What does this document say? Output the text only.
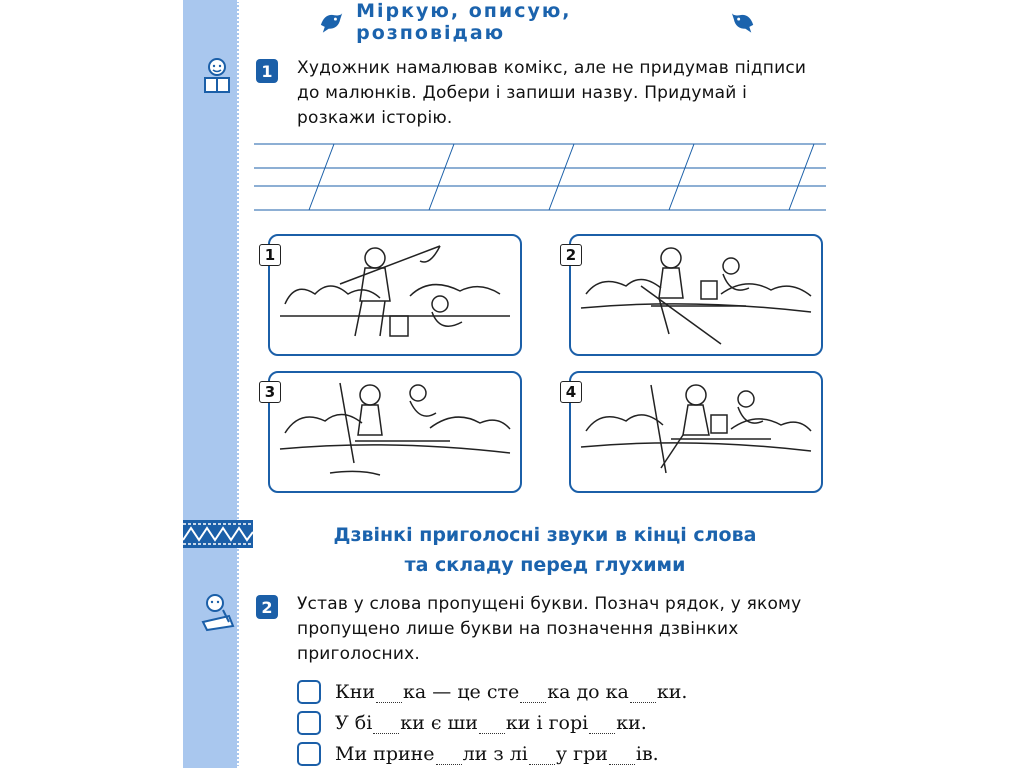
Міркую, описую, розповідаю
1	Художник намалював комікс, але не придумав підписи до малюнків. Добери і запиши назву. Придумай і розкажи історію.
1	2
3	4
Дзвінкі приголосні звуки в кінці слова
та складу перед глухими
2	Устав у слова пропущені букви. Познач рядок, у якому пропущено лише букви на позначення дзвінких приголосних.
Кни ка — це сте ка до ка ки.
У бі ки є ши ки і горі ки.
Ми прине ли з лі у гри ів.
